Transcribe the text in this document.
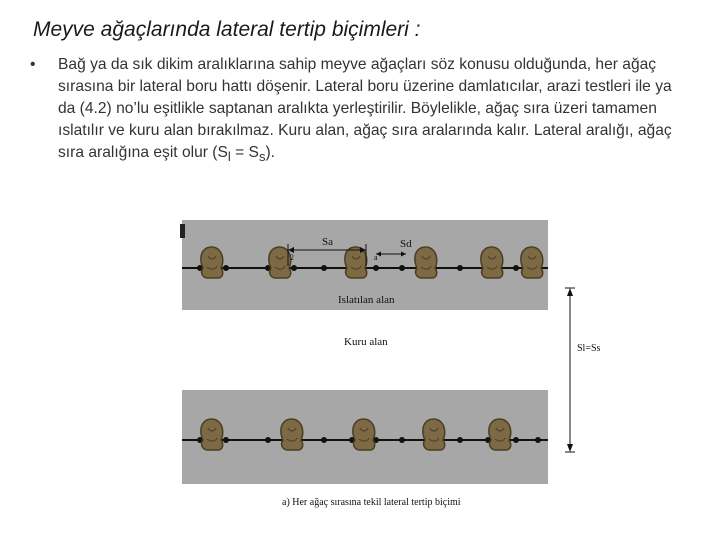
Meyve ağaçlarında lateral tertip biçimleri :
• Bağ ya da sık dikim aralıklarına sahip meyve ağaçları söz konusu olduğunda, her ağaç sırasına bir lateral boru hattı döşenir. Lateral boru üzerine damlatıcılar, arazi testleri ile ya da (4.2) no’lu eşitlikle saptanan aralıkta yerleştirilir. Böylelikle, ağaç sıra üzeri tamamen ıslatılır ve kuru alan bırakılmaz. Kuru alan, ağaç sıra aralarında kalır. Lateral aralığı, ağaç sıra aralığına eşit olur $(S_l = S_s)$.
Sa	Sd
2	a
Islatılan alan
Kuru alan
Sl=Ss
a) Her ağaç sırasına tekil lateral tertip biçimi
